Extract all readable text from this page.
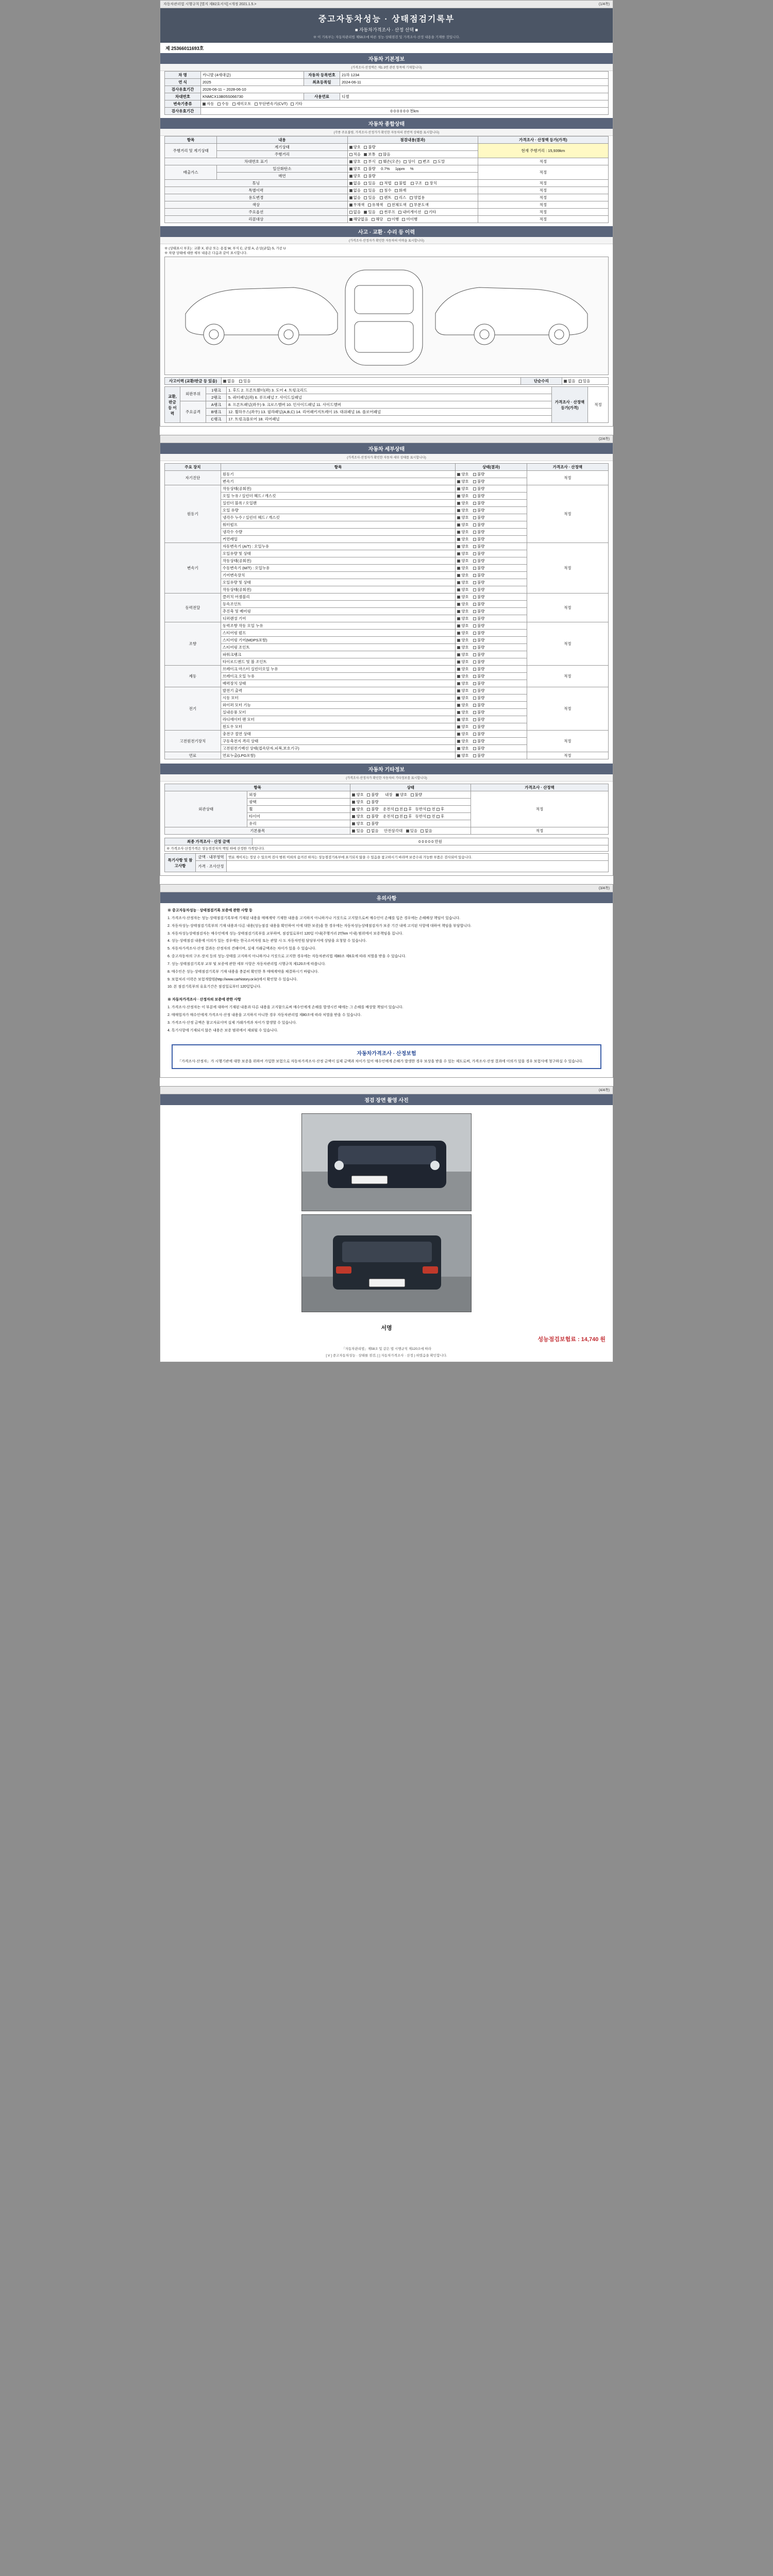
자동차관리법 시행규칙 [별지 제82호서식] <개정 2021.1.5.>	(1/4쪽)
중고자동차성능 · 상태점검기록부
■ 자동차가격조사 · 산정 선택 ■
※ 이 기록부는 자동차관리법 제58조에 따른 성능·상태점검 및 가격조사·산정 내용을 기재한 것입니다.
제 25366011693호
자동차 기본정보
(가격조사·산정액은 제1·3면 관련 항목에 기재합니다)
차 명	카니발 (4세대급)	자동차 등록번호	21하 1234
연 식	2025	최초등록일	2024-06-11
검사유효기간	2026-06-11 ~ 2028-06-10		
차대번호	KNMCX13B05S066730	사용연료	디젤
변속기종류	자동 수동 세미오토 무단변속기(CVT) 기타		
검사유효기간	0 0 0 0 0 0 천km		
자동차 종합상태
(각종 주요불량, 가격조사·산정가가 확인한 자동차의 전반적 상태를 표시합니다)
항목	내용	점검내용(결과)	가격조사 · 산정액 등가(가격)
주행거리 및 계기상태	계기상태	양호   불량	현재 주행거리 : 15,939km
	주행거리	적음   보통   많음	
차대번호 표기		양호   부식   훼손(오손)   상이   변조   도말	적정
배출가스	일산화탄소	양호   불량     0.7%     1ppm     %	적정
	매연	양호   불량	
튜닝		없음   있음    적법   불법    구조   장치	적정
특별이력		없음   있음    침수   화재	적정
용도변경		없음   있음    렌트   리스   영업용	적정
색상		무채색   유채색    전체도색   부분도색	적정
주요옵션		없음   있음    썬루프   내비게이션   기타	적정
리콜대상		해당없음   해당    이행   미이행	적정
사고 · 교환 · 수리 등 이력
(가격조사·산정자가 확인한 자동차의 이력을 표시합니다)
※ (상태표시 부호) : 교환 X, 판금 또는 용접 W, 부식 C, 균열 A, 손상(긁힘) S, 가공 U
※ 차량 상태에 대한 세부 내용은 다음과 같이 표시합니다.
사고이력 (교환/판금 등 있음)	없음    있음	단순수리	없음   있음
교환, 판금 등 이력	외판부위	1랭크	1. 후드 2. 프론트휀더(좌) 3. 도어 4. 트렁크리드	가격조사 · 산정액 등가(가격)	적정
		2랭크	5. 쿼터패널(좌) 6. 루프패널 7. 사이드실패널		
	주요골격	A랭크	8. 프론트패널(좌우) 9. 크로스멤버 10. 인사이드패널 11. 사이드멤버		
		B랭크	12. 휠하우스(좌우) 13. 필라패널(A,B,C) 14. 리어패키지트레이 15. 대쉬패널 16. 플로어패널		
		C랭크	17. 트렁크플로어 18. 리어패널		
(2/4쪽)
자동차 세부상태
(가격조사·산정자가 확인한 자동차 세부 상태를 표시합니다)
주요 장치	항목	상태(결과)	가격조사 · 산정액
자기진단	원동기	양호    불량	적정
	변속기	양호    불량	
원동기	작동상태(공회전)	양호    불량	적정
	오일 누유 / 실린더 헤드 / 개스킷	양호    불량	
	실린더 블록 / 오일팬	양호    불량	
	오일 유량	양호    불량	
	냉각수 누수 / 실린더 헤드 / 개스킷	양호    불량	
	워터펌프	양호    불량	
	냉각수 수량	양호    불량	
	커먼레일	양호    불량	
변속기	자동변속기 (A/T) : 오일누유	양호    불량	적정
	오일유량 및 상태	양호    불량	
	작동상태(공회전)	양호    불량	
	수동변속기 (M/T) : 오일누유	양호    불량	
	기어변속장치	양호    불량	
	오일유량 및 상태	양호    불량	
	작동상태(공회전)	양호    불량	
동력전달	클러치 어셈블리	양호    불량	적정
	등속조인트	양호    불량	
	추진축 및 베어링	양호    불량	
	디퍼렌셜 기어	양호    불량	
조향	동력조향 작동 오일 누유	양호    불량	적정
	스티어링 펌프	양호    불량	
	스티어링 기어(MDPS포함)	양호    불량	
	스티어링 조인트	양호    불량	
	파워크랭크	양호    불량	
	타이로드엔드 및 볼 조인트	양호    불량	
제동	브레이크 마스터 실린더오일 누유	양호    불량	적정
	브레이크 오일 누유	양호    불량	
	배력장치 상태	양호    불량	
전기	발전기 출력	양호    불량	적정
	시동 모터	양호    불량	
	와이퍼 모터 기능	양호    불량	
	실내송풍 모터	양호    불량	
	라디에이터 팬 모터	양호    불량	
	윈도우 모터	양호    불량	
고전원전기장치	충전구 절연 상태	양호    불량	적정
	구동축전지 격리 상태	양호    불량	
	고전원전기배선 상태(접속단자,피복,보호기구)	양호    불량	
연료	연료누출(LPG포함)	양호    불량	적정
자동차 기타정보
(가격조사·산정자가 확인한 자동차의 기타정보를 표시합니다)
항목		상태	가격조사 · 산정액
외관상태	외장	양호   불량      내장   양호   불량	적정
	광택	양호   불량	
	휠	양호   불량    운전석 전 후   동반석 전 후	
	타이어	양호   불량    운전석 전 후   동반석 전 후	
	유리	양호   불량	
기본품목		있음   없음     안전삼각대   있음   없음	적정
최종 가격조사 · 산정 금액	0 0 0 0 0 만원
※ 가격조사·산정가격은 성능점검자의 책임 하에 산정한 가격입니다.
특기사항 및 참고사항	금액 · 내부영역	연료 게이지는 정상 수 있으며 검사 범위 이외의 숨겨진 하자는 성능점검기록부에 표기되지 않을 수 있음을 참고하시기 바라며 보증수리 가능한 부품은 검사되어 있습니다.
	가격 · 조사산정	
(3/4쪽)
유의사항

※ 중고자동차성능 · 상태점검기록 보증에 관한 사항 등

1. 가격조사·산정자는 성능·상태점검기록부에 기재된 내용을 매매계약 기재한 내용을 고지하지 아니하거나 거짓으로 고지할으로써 매수인이 손해를 입은 경우에는 손해배상 책임이 있습니다.

2. 자동차성능·상태점검기록부의 기재 내용과 다른 내용(성능점검 내용을 확인하여 이에 대한 보증)을 한 경우에는 자동차성능상태점검자가 보증 기간 내에 고지된 사항에 대하여 책임을 부담합니다.

3. 자동차성능상태점검자는 매수인에게 성능·상태점검기록부를 교부하며, 점검일로부터 120일 이내(주행거리 2만km 이내) 범위에서 보증책임을 집니다.

4. 성능·상태점검 내용에 이의가 있는 경우에는 한국소비자원 또는 관할 시·도 자동차민원 담당부서에 상담을 요청할 수 있습니다.

5. 자동차가격조사·산정 결과는 산정자의 견해이며, 실제 거래금액과는 차이가 있을 수 있습니다.

6. 중고자동차의 구조·장치 등의 성능·상태를 고지하지 아니하거나 거짓으로 고지한 경우에는 자동차관리법 제80조 제6호에 따라 처벌을 받을 수 있습니다.

7. 성능·상태점검기록부 교부 및 보증에 관한 세부 사항은 자동차관리법 시행규칙 제120조에 따릅니다.

8. 매수인은 성능·상태점검기록부 기재 내용을 충분히 확인한 후 매매계약을 체결하시기 바랍니다.

9. 보험처리 이력은 보험개발원(http://www.carhistory.or.kr)에서 확인할 수 있습니다.

10. 본 점검기록부의 유효기간은 점검일로부터 120일입니다.

※ 자동차가격조사 · 산정자의 보증에 관한 사항

1. 가격조사·산정자는 이 부분에 대하여 기재된 내용과 다른 내용을 고지함으로써 매수인에게 손해를 발생시킨 때에는 그 손해를 배상할 책임이 있습니다.

2. 매매업자가 매수인에게 가격조사·산정 내용을 고지하지 아니한 경우 자동차관리법 제80조에 따라 처벌을 받을 수 있습니다.

3. 가격조사·산정 금액은 참고자료이며 실제 거래가격과 차이가 발생할 수 있습니다.

4. 특기사항에 기재되지 않은 내용은 보증 범위에서 제외될 수 있습니다.

자동차가격조사 · 산정보험
「가격조사·산정자」가 시행기관에 대한 보증을 위하여 가입한 보험으로 자동차가격조사·산정 금액이 실제 금액과 차이가 있어 매수인에게 손해가 발생한 경우 보상을 받을 수 있는 제도로써, 가격조사·산정 결과에 이의가 있을 경우 보험사에 청구하실 수 있습니다.
(4/4쪽)
점검 장면 촬영 사진
서명
성능점검보험료 : 14,740 원
「자동차관리법」제58조 및 같은 법 시행규칙 제120조에 따라
[ V ] 중고자동차성능 · 상태를 점검, [ ] 자동차가격조사 · 산정 ) 하였음을 확인합니다.
